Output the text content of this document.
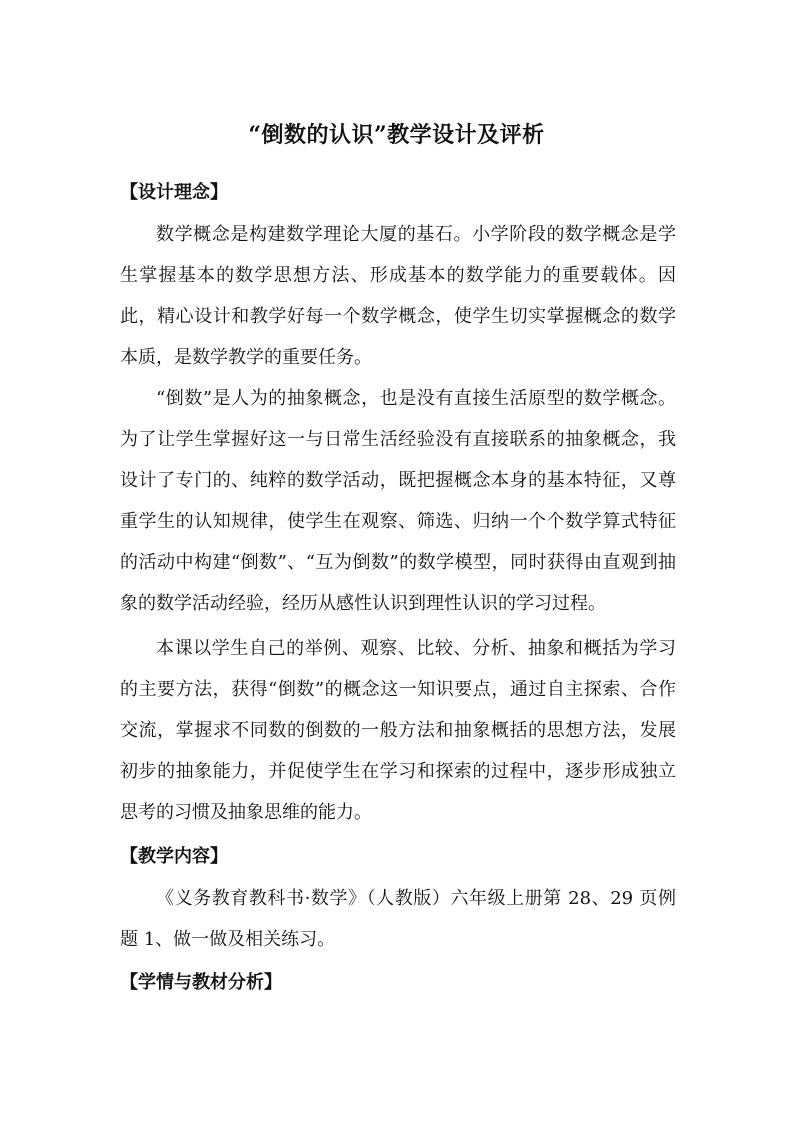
“倒数的认识”教学设计及评析
【设计理念】
数学概念是构建数学理论大厦的基石。小学阶段的数学概念是学生掌握基本的数学思想方法、形成基本的数学能力的重要载体。因此，精心设计和教学好每一个数学概念，使学生切实掌握概念的数学本质，是数学教学的重要任务。
“倒数”是人为的抽象概念，也是没有直接生活原型的数学概念。为了让学生掌握好这一与日常生活经验没有直接联系的抽象概念，我设计了专门的、纯粹的数学活动，既把握概念本身的基本特征，又尊重学生的认知规律，使学生在观察、筛选、归纳一个个数学算式特征的活动中构建“倒数”、“互为倒数”的数学模型，同时获得由直观到抽象的数学活动经验，经历从感性认识到理性认识的学习过程。
本课以学生自己的举例、观察、比较、分析、抽象和概括为学习的主要方法，获得“倒数”的概念这一知识要点，通过自主探索、合作交流，掌握求不同数的倒数的一般方法和抽象概括的思想方法，发展初步的抽象能力，并促使学生在学习和探索的过程中，逐步形成独立思考的习惯及抽象思维的能力。
【教学内容】
《义务教育教科书·数学》（人教版）六年级上册第 28、29 页例题 1、做一做及相关练习。
【学情与教材分析】
